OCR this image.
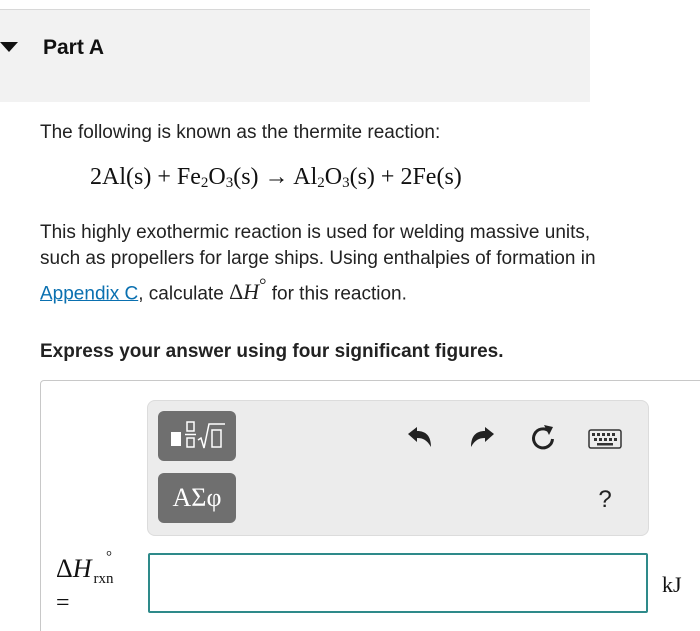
Part A

The following is known as the thermite reaction:

$2Al(s) + Fe_2O_3(s) \to Al_2O_3(s) + 2Fe(s)$

This highly exothermic reaction is used for welding massive units, such as propellers for large ships. Using enthalpies of formation in Appendix C, calculate ΔH° for this reaction.

Express your answer using four significant figures.

ΑΣφ	?
ΔH °
$_{rxn}$
=
kJ
